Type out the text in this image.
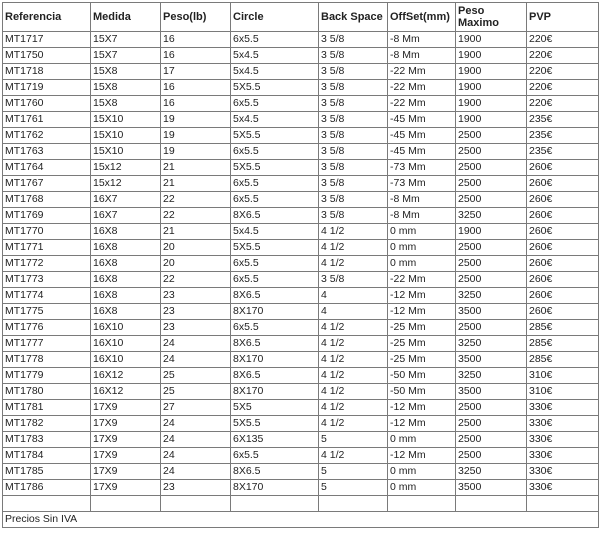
Referencia	Medida	Peso(lb)	Circle	Back Space	OffSet(mm)	Peso Maximo	PVP
MT1717	15X7	16	6x5.5	3 5/8	-8 Mm	1900	220€
MT1750	15X7	16	5x4.5	3 5/8	-8 Mm	1900	220€
MT1718	15X8	17	5x4.5	3 5/8	-22 Mm	1900	220€
MT1719	15X8	16	5X5.5	3 5/8	-22 Mm	1900	220€
MT1760	15X8	16	6x5.5	3 5/8	-22 Mm	1900	220€
MT1761	15X10	19	5x4.5	3 5/8	-45 Mm	1900	235€
MT1762	15X10	19	5X5.5	3 5/8	-45 Mm	2500	235€
MT1763	15X10	19	6x5.5	3 5/8	-45 Mm	2500	235€
MT1764	15x12	21	5X5.5	3 5/8	-73 Mm	2500	260€
MT1767	15x12	21	6x5.5	3 5/8	-73 Mm	2500	260€
MT1768	16X7	22	6x5.5	3 5/8	-8 Mm	2500	260€
MT1769	16X7	22	8X6.5	3 5/8	-8 Mm	3250	260€
MT1770	16X8	21	5x4.5	4 1/2	0 mm	1900	260€
MT1771	16X8	20	5X5.5	4 1/2	0 mm	2500	260€
MT1772	16X8	20	6x5.5	4 1/2	0 mm	2500	260€
MT1773	16X8	22	6x5.5	3 5/8	-22 Mm	2500	260€
MT1774	16X8	23	8X6.5	4	-12 Mm	3250	260€
MT1775	16X8	23	8X170	4	-12 Mm	3500	260€
MT1776	16X10	23	6x5.5	4 1/2	-25 Mm	2500	285€
MT1777	16X10	24	8X6.5	4 1/2	-25 Mm	3250	285€
MT1778	16X10	24	8X170	4 1/2	-25 Mm	3500	285€
MT1779	16X12	25	8X6.5	4 1/2	-50 Mm	3250	310€
MT1780	16X12	25	8X170	4 1/2	-50 Mm	3500	310€
MT1781	17X9	27	5X5	4 1/2	-12 Mm	2500	330€
MT1782	17X9	24	5X5.5	4 1/2	-12 Mm	2500	330€
MT1783	17X9	24	6X135	5	0 mm	2500	330€
MT1784	17X9	24	6x5.5	4 1/2	-12 Mm	2500	330€
MT1785	17X9	24	8X6.5	5	0 mm	3250	330€
MT1786	17X9	23	8X170	5	0 mm	3500	330€

Precios Sin IVA							
